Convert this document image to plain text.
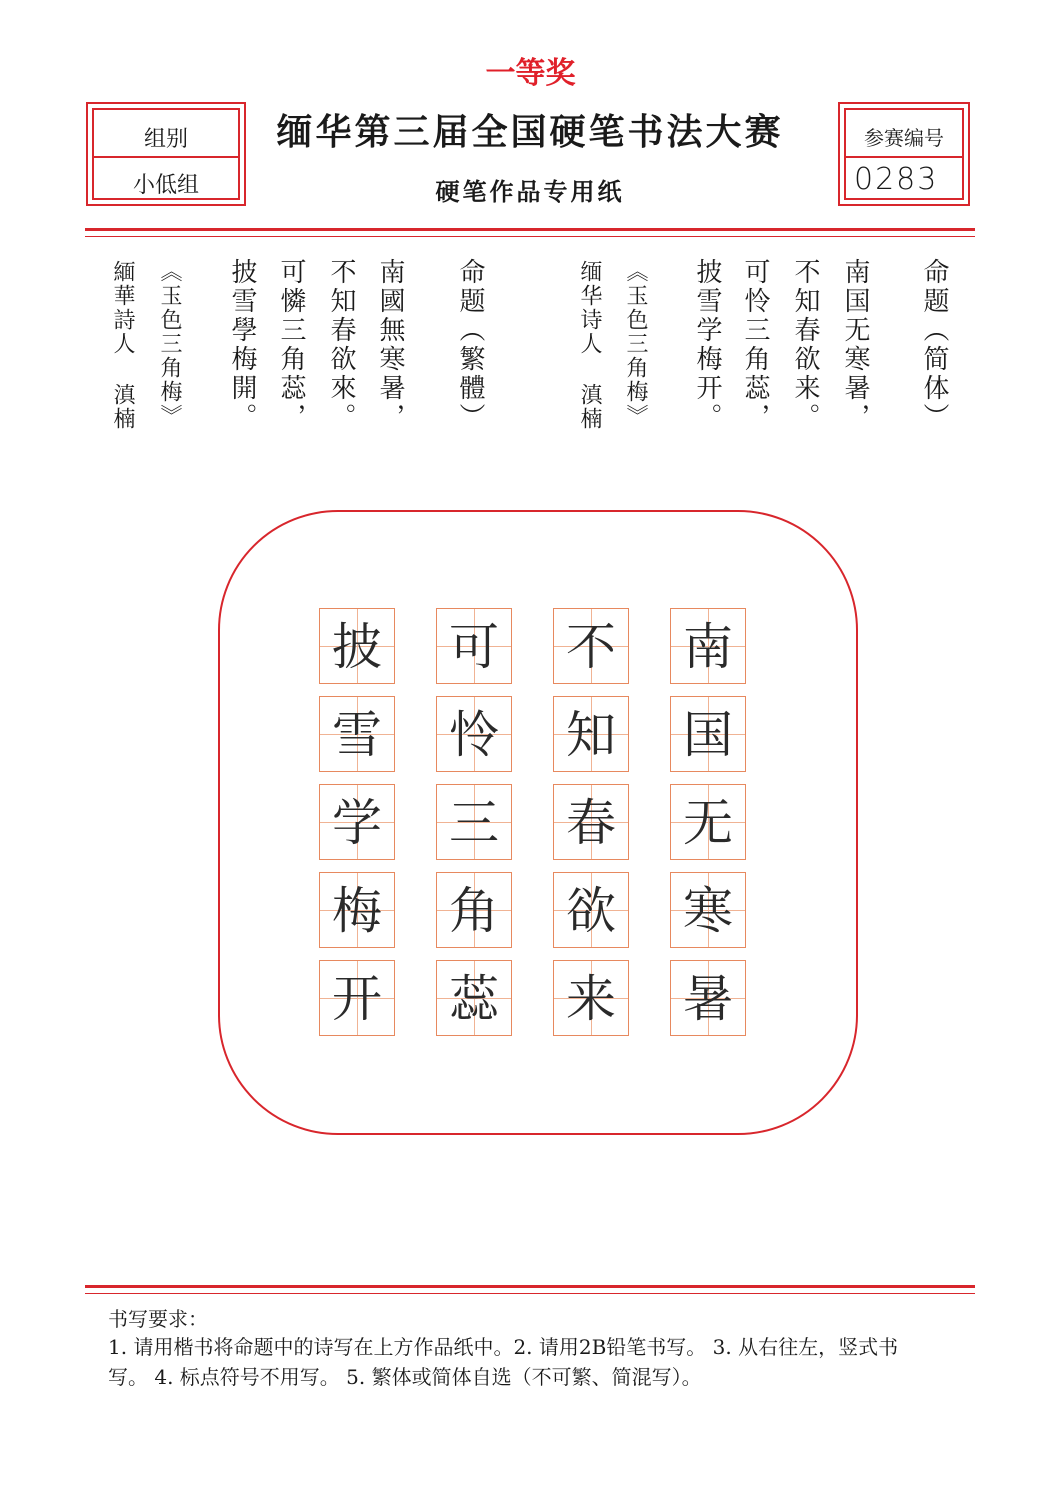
一等奖
组别
小低组
缅华第三届全国硬笔书法大赛
硬笔作品专用纸
参赛编号
0283
命题（简体）
南国无寒暑，
不知春欲来。
可怜三角蕊，
披雪学梅开。
《玉色三角梅》
缅华诗人 滇楠
命题（繁體）
南國無寒暑，
不知春欲來。
可憐三角蕊，
披雪學梅開。
《玉色三角梅》
緬華詩人 滇楠
南
国
无
寒
暑
不
知
春
欲
来
可
怜
三
角
蕊
披
雪
学
梅
开
书写要求：
1. 请用楷书将命题中的诗写在上方作品纸中。2. 请用2B铅笔书写。 3. 从右往左，竖式书写。 4. 标点符号不用写。 5. 繁体或简体自选（不可繁、简混写）。
